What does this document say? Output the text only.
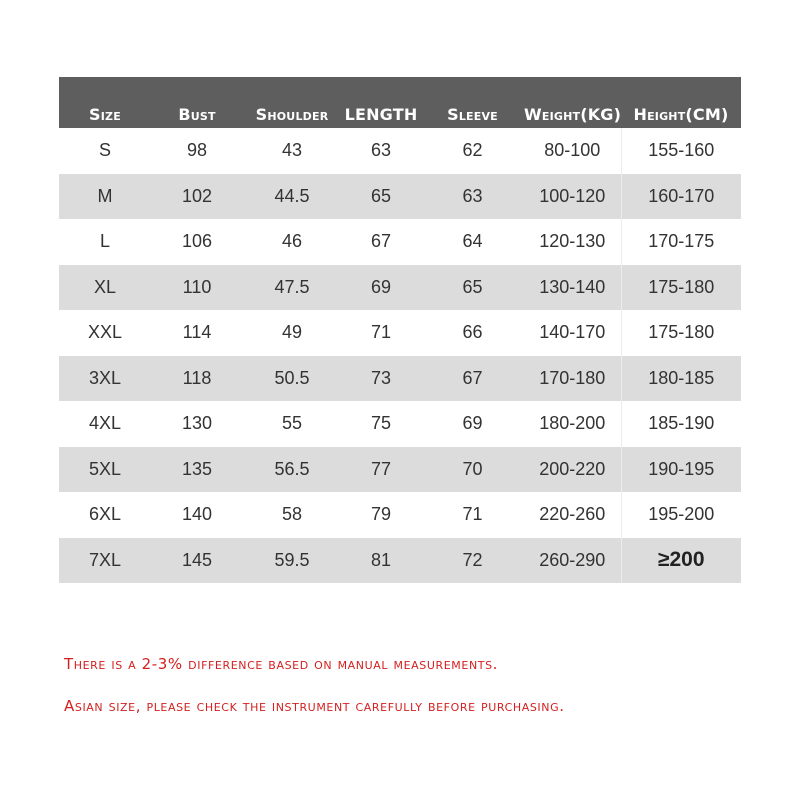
Size	Bust	Shoulder	LENGTH	Sleeve	Weight(KG)	Height(CM)
S	98	43	63	62	80-100	155-160
M	102	44.5	65	63	100-120	160-170
L	106	46	67	64	120-130	170-175
XL	110	47.5	69	65	130-140	175-180
XXL	114	49	71	66	140-170	175-180
3XL	118	50.5	73	67	170-180	180-185
4XL	130	55	75	69	180-200	185-190
5XL	135	56.5	77	70	200-220	190-195
6XL	140	58	79	71	220-260	195-200
7XL	145	59.5	81	72	260-290	≥200

There is a 2-3% difference based on manual measurements.

Asian size, please check the instrument carefully before purchasing.
